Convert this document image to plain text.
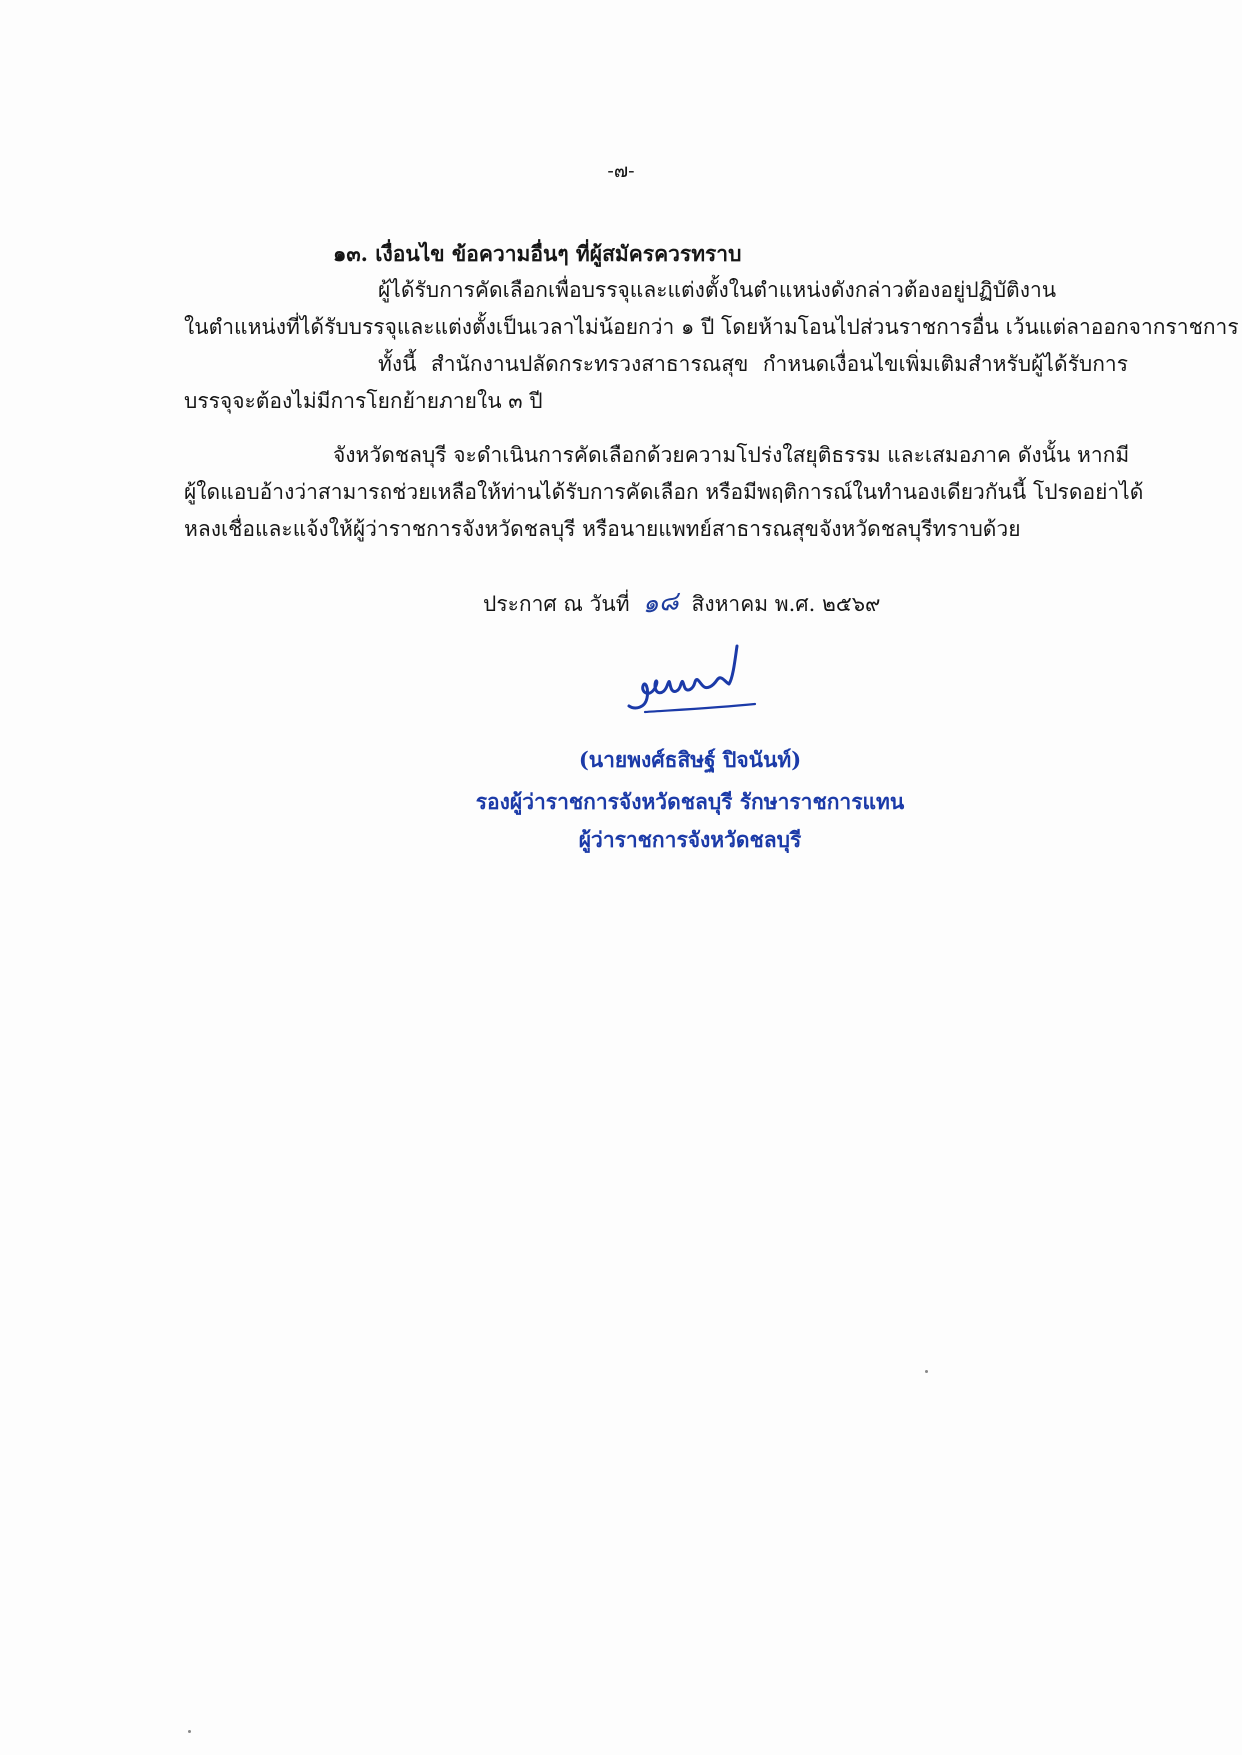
-๗-
๑๓. เงื่อนไข ข้อความอื่นๆ ที่ผู้สมัครควรทราบ
ผู้ได้รับการคัดเลือกเพื่อบรรจุและแต่งตั้งในตำแหน่งดังกล่าวต้องอยู่ปฏิบัติงาน
ในตำแหน่งที่ได้รับบรรจุและแต่งตั้งเป็นเวลาไม่น้อยกว่า ๑ ปี โดยห้ามโอนไปส่วนราชการอื่น เว้นแต่ลาออกจากราชการ
ทั้งนี้ สำนักงานปลัดกระทรวงสาธารณสุข กำหนดเงื่อนไขเพิ่มเติมสำหรับผู้ได้รับการ
บรรจุจะต้องไม่มีการโยกย้ายภายใน ๓ ปี
จังหวัดชลบุรี จะดำเนินการคัดเลือกด้วยความโปร่งใสยุติธรรม และเสมอภาค ดังนั้น หากมี
ผู้ใดแอบอ้างว่าสามารถช่วยเหลือให้ท่านได้รับการคัดเลือก หรือมีพฤติการณ์ในทำนองเดียวกันนี้ โปรดอย่าได้
หลงเชื่อและแจ้งให้ผู้ว่าราชการจังหวัดชลบุรี หรือนายแพทย์สาธารณสุขจังหวัดชลบุรีทราบด้วย
ประกาศ ณ วันที่ ๑๘ สิงหาคม พ.ศ. ๒๕๖๙
(นายพงศ์ธสิษฐ์ ปิจนันท์)
รองผู้ว่าราชการจังหวัดชลบุรี รักษาราชการแทน
ผู้ว่าราชการจังหวัดชลบุรี
